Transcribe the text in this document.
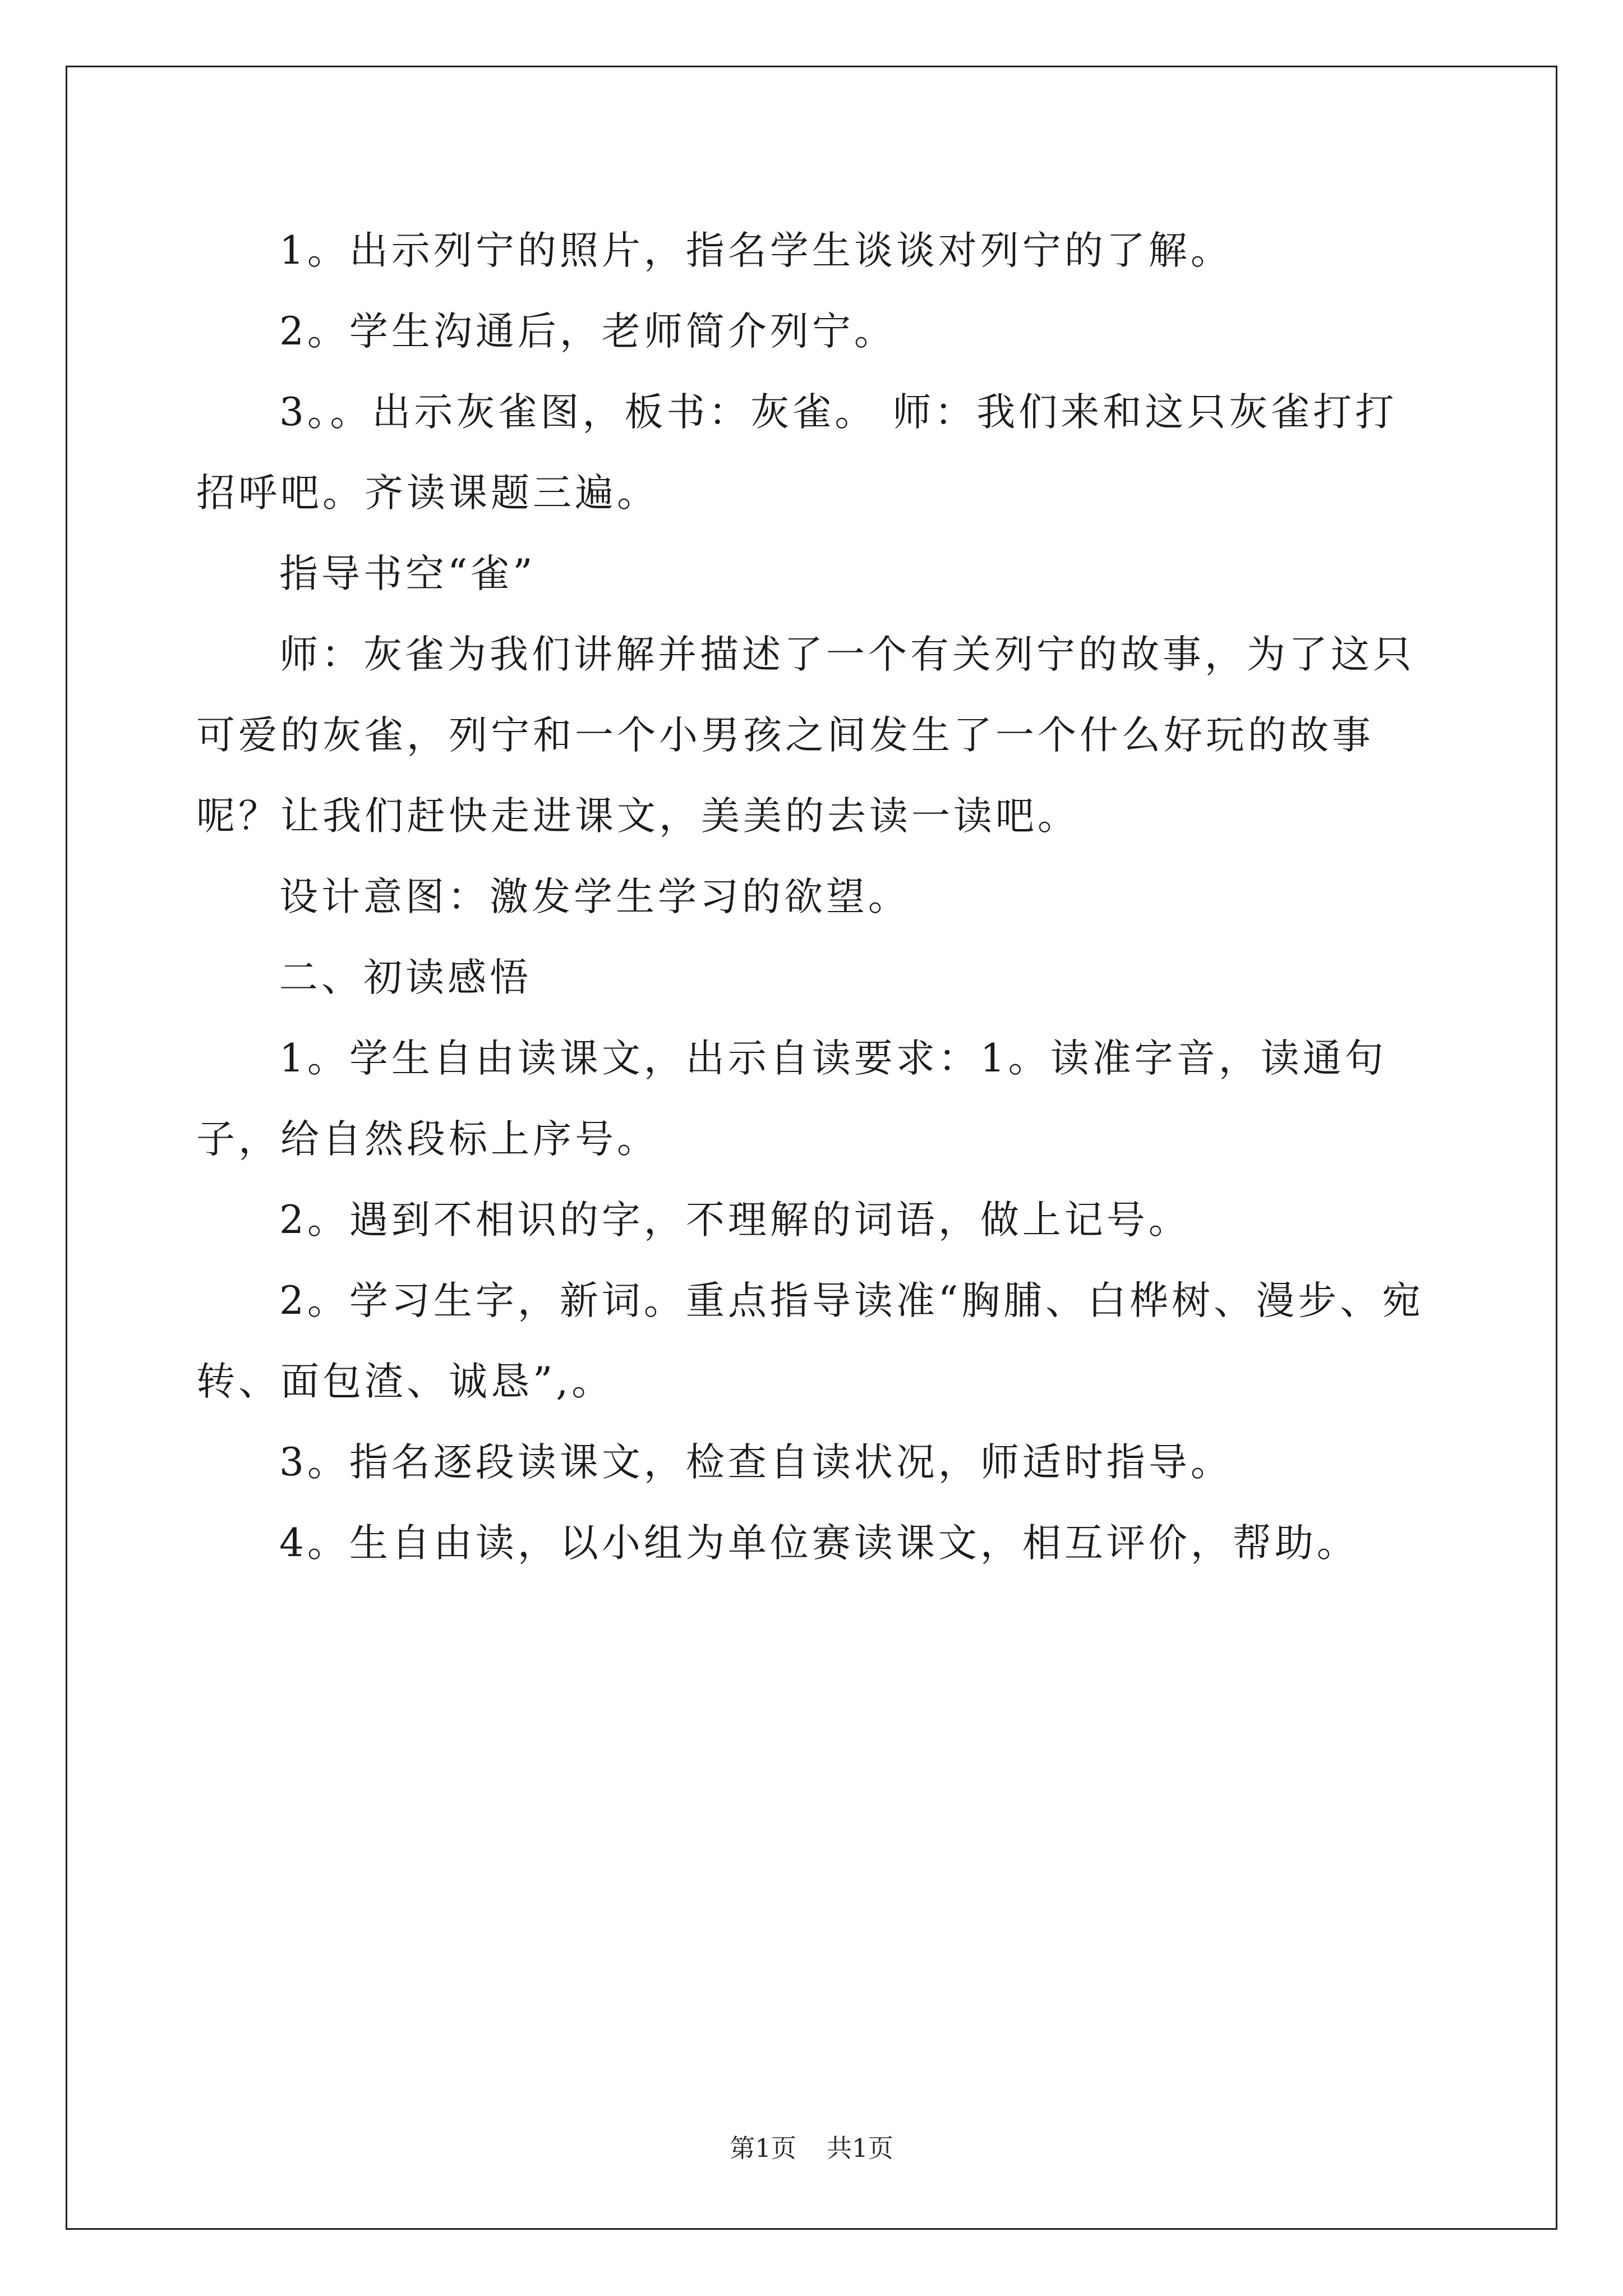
1。出示列宁的照片，指名学生谈谈对列宁的了解。

2。学生沟通后，老师简介列宁。

3。。出示灰雀图，板书：灰雀。 师：我们来和这只灰雀打打招呼吧。齐读课题三遍。

指导书空“雀”

师：灰雀为我们讲解并描述了一个有关列宁的故事，为了这只可爱的灰雀，列宁和一个小男孩之间发生了一个什么好玩的故事呢？让我们赶快走进课文，美美的去读一读吧。

设计意图：激发学生学习的欲望。

二、初读感悟

1。学生自由读课文，出示自读要求：1。读准字音，读通句子，给自然段标上序号。

2。遇到不相识的字，不理解的词语，做上记号。

2。学习生字，新词。重点指导读准“胸脯、白桦树、漫步、宛转、面包渣、诚恳”,。

3。指名逐段读课文，检查自读状况，师适时指导。

4。生自由读，以小组为单位赛读课文，相互评价，帮助。

第1页 共1页
